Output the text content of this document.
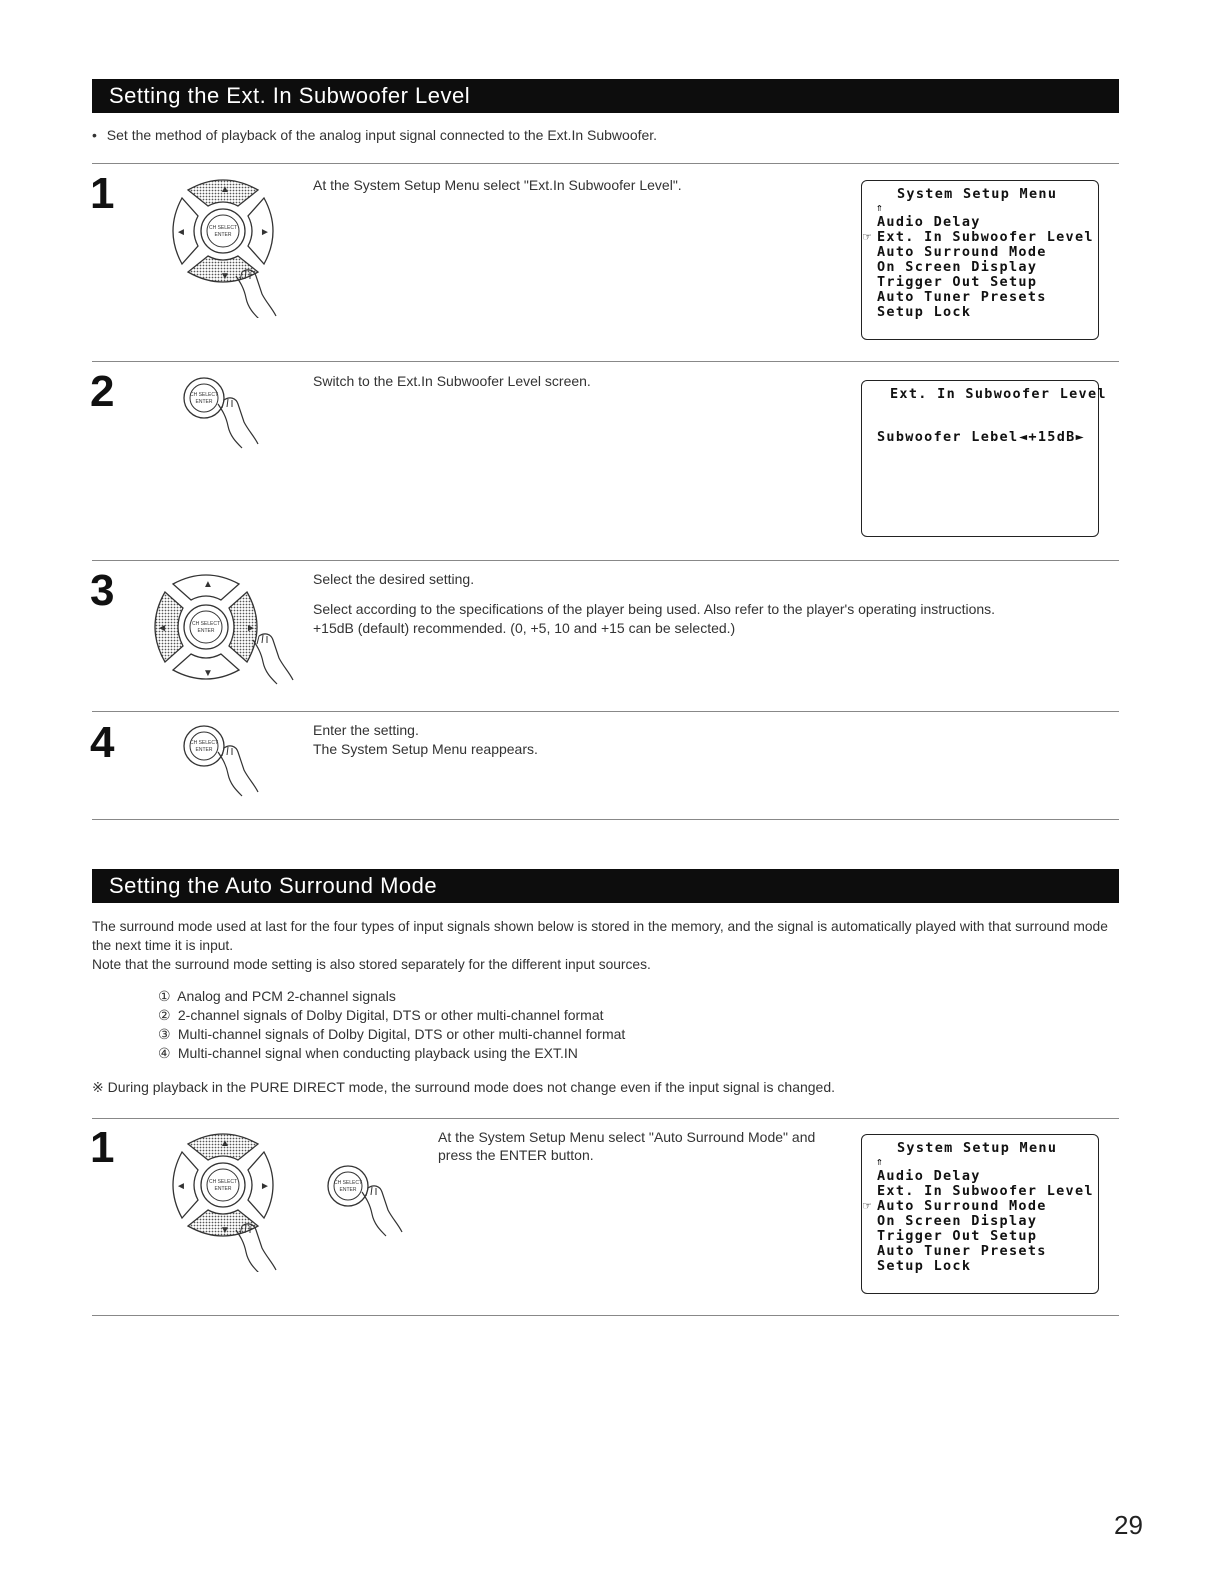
Setting the Ext. In Subwoofer Level
• Set the method of playback of the analog input signal connected to the Ext.In Subwoofer.
1	▲
▼
◄	►
CH SELECT
ENTER
At the System Setup Menu select "Ext.In Subwoofer Level".
System Setup Menu
⇑
Audio Delay
☞ Ext. In Subwoofer Level
Auto Surround Mode
On Screen Display
Trigger Out Setup
Auto Tuner Presets
Setup Lock
2	CH SELECT
ENTER
Switch to the Ext.In Subwoofer Level screen.
Ext. In Subwoofer Level
Subwoofer Lebel ◄+15dB►
3	▲
▼
◄	►
CH SELECT
ENTER
Select the desired setting.
Select according to the specifications of the player being used. Also refer to the player's operating instructions.
+15dB (default) recommended. (0, +5, 10 and +15 can be selected.)
4	CH SELECT
ENTER
Enter the setting.
The System Setup Menu reappears.
Setting the Auto Surround Mode
The surround mode used at last for the four types of input signals shown below is stored in the memory, and the signal is automatically played with that surround mode the next time it is input.
Note that the surround mode setting is also stored separately for the different input sources.
① Analog and PCM 2-channel signals
② 2-channel signals of Dolby Digital, DTS or other multi-channel format
③ Multi-channel signals of Dolby Digital, DTS or other multi-channel format
④ Multi-channel signal when conducting playback using the EXT.IN
※ During playback in the PURE DIRECT mode, the surround mode does not change even if the input signal is changed.
1	▲
▼
◄	►
CH SELECT
ENTER
CH SELECT
ENTER
At the System Setup Menu select "Auto Surround Mode" and press the ENTER button.	System Setup Menu
⇑
Audio Delay
Ext. In Subwoofer Level
☞ Auto Surround Mode
On Screen Display
Trigger Out Setup
Auto Tuner Presets
Setup Lock
29
